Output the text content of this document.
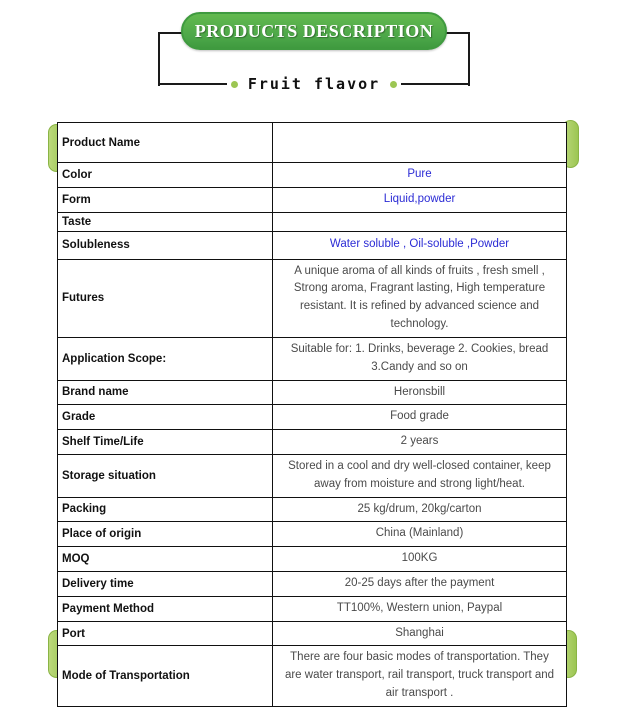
PRODUCTS DESCRIPTION
Fruit flavor
Product Name	
Color	Pure
Form	Liquid,powder
Taste	
Solubleness	Water soluble , Oil-soluble ,Powder
Futures	A unique aroma of all kinds of fruits , fresh smell , Strong aroma, Fragrant lasting, High temperature resistant. It is refined by advanced science and technology.
Application Scope:	Suitable for: 1. Drinks, beverage 2. Cookies, bread 3.Candy and so on
Brand name	Heronsbill
Grade	Food grade
Shelf Time/Life	2 years
Storage situation	Stored in a cool and dry well-closed container, keep away from moisture and strong light/heat.
Packing	25 kg/drum, 20kg/carton
Place of origin	China (Mainland)
MOQ	100KG
Delivery time	20-25 days after the payment
Payment Method	TT100%, Western union, Paypal
Port	Shanghai
Mode of Transportation	There are four basic modes of transportation. They are water transport, rail transport, truck transport and air transport .
